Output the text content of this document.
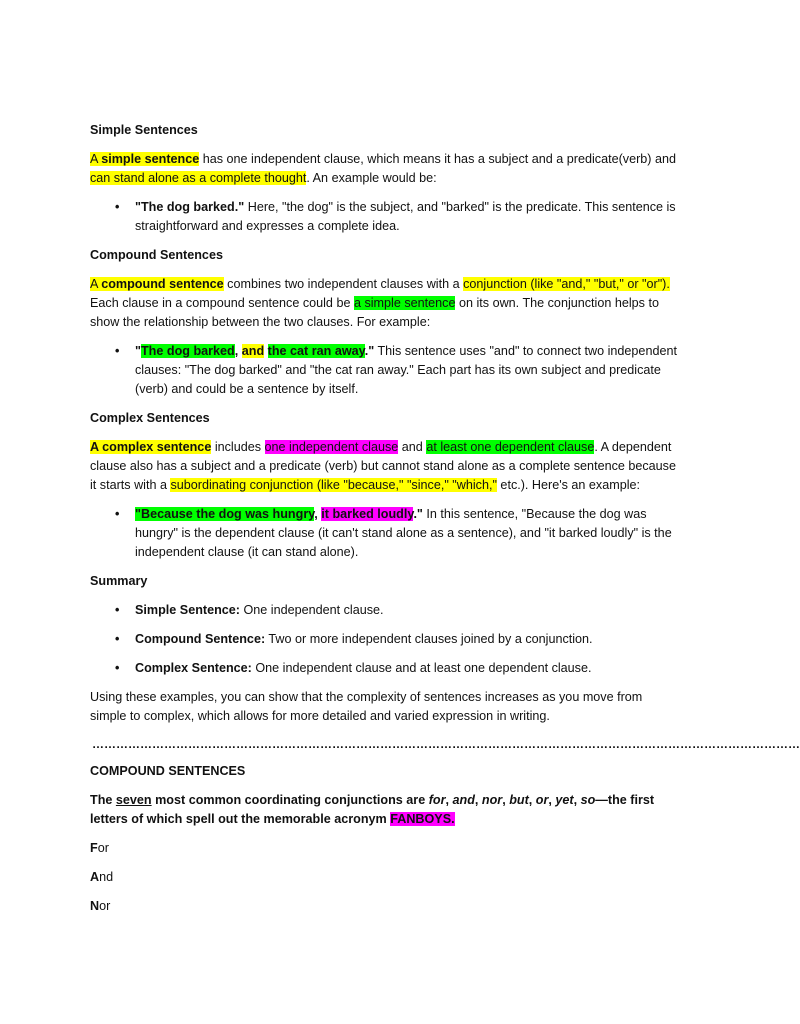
Simple Sentences

A simple sentence has one independent clause, which means it has a subject and a predicate(verb) and can stand alone as a complete thought. An example would be:

• "The dog barked." Here, "the dog" is the subject, and "barked" is the predicate. This sentence is straightforward and expresses a complete idea.
Compound Sentences

A compound sentence combines two independent clauses with a conjunction (like "and," "but," or "or"). Each clause in a compound sentence could be a simple sentence on its own. The conjunction helps to show the relationship between the two clauses. For example:

• "The dog barked, and the cat ran away." This sentence uses "and" to connect two independent clauses: "The dog barked" and "the cat ran away." Each part has its own subject and predicate (verb) and could be a sentence by itself.
Complex Sentences

A complex sentence includes one independent clause and at least one dependent clause. A dependent clause also has a subject and a predicate (verb) but cannot stand alone as a complete sentence because it starts with a subordinating conjunction (like "because," "since," "which," etc.). Here's an example:

• "Because the dog was hungry, it barked loudly." In this sentence, "Because the dog was hungry" is the dependent clause (it can't stand alone as a sentence), and "it barked loudly" is the independent clause (it can stand alone).
Summary
• Simple Sentence: One independent clause.
• Compound Sentence: Two or more independent clauses joined by a conjunction.
• Complex Sentence: One independent clause and at least one dependent clause.

Using these examples, you can show that the complexity of sentences increases as you move from simple to complex, which allows for more detailed and varied expression in writing.

……………………………………………………………………………………………………………………………………………………………
COMPOUND SENTENCES

The seven most common coordinating conjunctions are for, and, nor, but, or, yet, so—the first letters of which spell out the memorable acronym FANBOYS.

For

And

Nor
